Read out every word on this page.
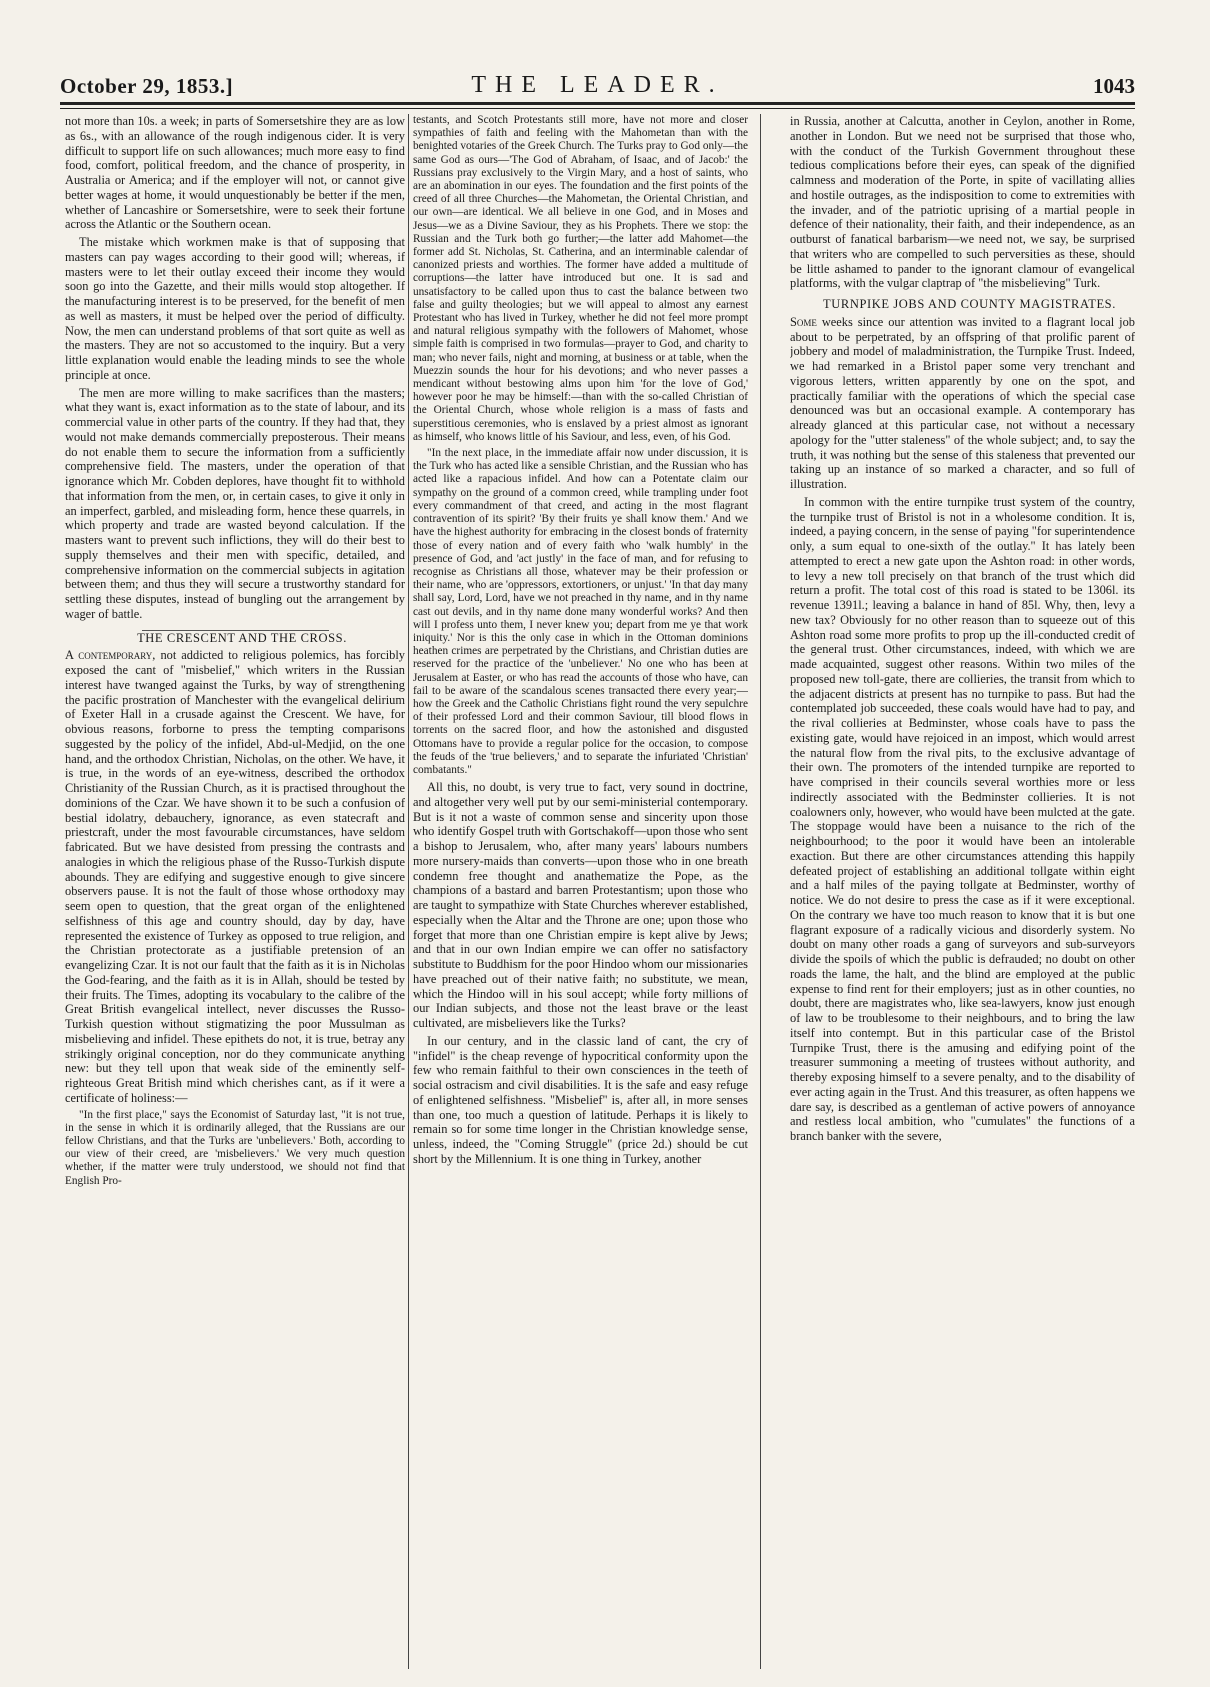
October 29, 1853.]	THE LEADER.	1043

not more than 10s. a week; in parts of Somersetshire they are as low as 6s., with an allowance of the rough indigenous cider. It is very difficult to support life on such allowances; much more easy to find food, comfort, political freedom, and the chance of prosperity, in Australia or America; and if the employer will not, or cannot give better wages at home, it would unquestionably be better if the men, whether of Lancashire or Somersetshire, were to seek their fortune across the Atlantic or the Southern ocean.

The mistake which workmen make is that of supposing that masters can pay wages according to their good will; whereas, if masters were to let their outlay exceed their income they would soon go into the Gazette, and their mills would stop altogether. If the manufacturing interest is to be preserved, for the benefit of men as well as masters, it must be helped over the period of difficulty. Now, the men can understand problems of that sort quite as well as the masters. They are not so accustomed to the inquiry. But a very little explanation would enable the leading minds to see the whole principle at once.

The men are more willing to make sacrifices than the masters; what they want is, exact information as to the state of labour, and its commercial value in other parts of the country. If they had that, they would not make demands commercially preposterous. Their means do not enable them to secure the information from a sufficiently comprehensive field. The masters, under the operation of that ignorance which Mr. Cobden deplores, have thought fit to withhold that information from the men, or, in certain cases, to give it only in an imperfect, garbled, and misleading form, hence these quarrels, in which property and trade are wasted beyond calculation. If the masters want to prevent such inflictions, they will do their best to supply themselves and their men with specific, detailed, and comprehensive information on the commercial subjects in agitation between them; and thus they will secure a trustworthy standard for settling these disputes, instead of bungling out the arrangement by wager of battle.

THE CRESCENT AND THE CROSS.

A contemporary, not addicted to religious polemics, has forcibly exposed the cant of "misbelief," which writers in the Russian interest have twanged against the Turks, by way of strengthening the pacific prostration of Manchester with the evangelical delirium of Exeter Hall in a crusade against the Crescent. We have, for obvious reasons, forborne to press the tempting comparisons suggested by the policy of the infidel, Abd-ul-Medjid, on the one hand, and the orthodox Christian, Nicholas, on the other. We have, it is true, in the words of an eye-witness, described the orthodox Christianity of the Russian Church, as it is practised throughout the dominions of the Czar. We have shown it to be such a confusion of bestial idolatry, debauchery, ignorance, as even statecraft and priestcraft, under the most favourable circumstances, have seldom fabricated. But we have desisted from pressing the contrasts and analogies in which the religious phase of the Russo-Turkish dispute abounds. They are edifying and suggestive enough to give sincere observers pause. It is not the fault of those whose orthodoxy may seem open to question, that the great organ of the enlightened selfishness of this age and country should, day by day, have represented the existence of Turkey as opposed to true religion, and the Christian protectorate as a justifiable pretension of an evangelizing Czar. It is not our fault that the faith as it is in Nicholas the God-fearing, and the faith as it is in Allah, should be tested by their fruits. The Times, adopting its vocabulary to the calibre of the Great British evangelical intellect, never discusses the Russo-Turkish question without stigmatizing the poor Mussulman as misbelieving and infidel. These epithets do not, it is true, betray any strikingly original conception, nor do they communicate anything new: but they tell upon that weak side of the eminently self-righteous Great British mind which cherishes cant, as if it were a certificate of holiness:—

"In the first place," says the Economist of Saturday last, "it is not true, in the sense in which it is ordinarily alleged, that the Russians are our fellow Christians, and that the Turks are 'unbelievers.' Both, according to our view of their creed, are 'misbelievers.' We very much question whether, if the matter were truly understood, we should not find that English Pro-

testants, and Scotch Protestants still more, have not more and closer sympathies of faith and feeling with the Mahometan than with the benighted votaries of the Greek Church. The Turks pray to God only—the same God as ours—'The God of Abraham, of Isaac, and of Jacob:' the Russians pray exclusively to the Virgin Mary, and a host of saints, who are an abomination in our eyes. The foundation and the first points of the creed of all three Churches—the Mahometan, the Oriental Christian, and our own—are identical. We all believe in one God, and in Moses and Jesus—we as a Divine Saviour, they as his Prophets. There we stop: the Russian and the Turk both go further;—the latter add Mahomet—the former add St. Nicholas, St. Catherina, and an interminable calendar of canonized priests and worthies. The former have added a multitude of corruptions—the latter have introduced but one. It is sad and unsatisfactory to be called upon thus to cast the balance between two false and guilty theologies; but we will appeal to almost any earnest Protestant who has lived in Turkey, whether he did not feel more prompt and natural religious sympathy with the followers of Mahomet, whose simple faith is comprised in two formulas—prayer to God, and charity to man; who never fails, night and morning, at business or at table, when the Muezzin sounds the hour for his devotions; and who never passes a mendicant without bestowing alms upon him 'for the love of God,' however poor he may be himself:—than with the so-called Christian of the Oriental Church, whose whole religion is a mass of fasts and superstitious ceremonies, who is enslaved by a priest almost as ignorant as himself, who knows little of his Saviour, and less, even, of his God.

"In the next place, in the immediate affair now under discussion, it is the Turk who has acted like a sensible Christian, and the Russian who has acted like a rapacious infidel. And how can a Potentate claim our sympathy on the ground of a common creed, while trampling under foot every commandment of that creed, and acting in the most flagrant contravention of its spirit? 'By their fruits ye shall know them.' And we have the highest authority for embracing in the closest bonds of fraternity those of every nation and of every faith who 'walk humbly' in the presence of God, and 'act justly' in the face of man, and for refusing to recognise as Christians all those, whatever may be their profession or their name, who are 'oppressors, extortioners, or unjust.' 'In that day many shall say, Lord, Lord, have we not preached in thy name, and in thy name cast out devils, and in thy name done many wonderful works? And then will I profess unto them, I never knew you; depart from me ye that work iniquity.' Nor is this the only case in which in the Ottoman dominions heathen crimes are perpetrated by the Christians, and Christian duties are reserved for the practice of the 'unbeliever.' No one who has been at Jerusalem at Easter, or who has read the accounts of those who have, can fail to be aware of the scandalous scenes transacted there every year;—how the Greek and the Catholic Christians fight round the very sepulchre of their professed Lord and their common Saviour, till blood flows in torrents on the sacred floor, and how the astonished and disgusted Ottomans have to provide a regular police for the occasion, to compose the feuds of the 'true believers,' and to separate the infuriated 'Christian' combatants."

All this, no doubt, is very true to fact, very sound in doctrine, and altogether very well put by our semi-ministerial contemporary. But is it not a waste of common sense and sincerity upon those who identify Gospel truth with Gortschakoff—upon those who sent a bishop to Jerusalem, who, after many years' labours numbers more nursery-maids than converts—upon those who in one breath condemn free thought and anathematize the Pope, as the champions of a bastard and barren Protestantism; upon those who are taught to sympathize with State Churches wherever established, especially when the Altar and the Throne are one; upon those who forget that more than one Christian empire is kept alive by Jews; and that in our own Indian empire we can offer no satisfactory substitute to Buddhism for the poor Hindoo whom our missionaries have preached out of their native faith; no substitute, we mean, which the Hindoo will in his soul accept; while forty millions of our Indian subjects, and those not the least brave or the least cultivated, are misbelievers like the Turks?

In our century, and in the classic land of cant, the cry of "infidel" is the cheap revenge of hypocritical conformity upon the few who remain faithful to their own consciences in the teeth of social ostracism and civil disabilities. It is the safe and easy refuge of enlightened selfishness. "Misbelief" is, after all, in more senses than one, too much a question of latitude. Perhaps it is likely to remain so for some time longer in the Christian knowledge sense, unless, indeed, the "Coming Struggle" (price 2d.) should be cut short by the Millennium. It is one thing in Turkey, another

in Russia, another at Calcutta, another in Ceylon, another in Rome, another in London. But we need not be surprised that those who, with the conduct of the Turkish Government throughout these tedious complications before their eyes, can speak of the dignified calmness and moderation of the Porte, in spite of vacillating allies and hostile outrages, as the indisposition to come to extremities with the invader, and of the patriotic uprising of a martial people in defence of their nationality, their faith, and their independence, as an outburst of fanatical barbarism—we need not, we say, be surprised that writers who are compelled to such perversities as these, should be little ashamed to pander to the ignorant clamour of evangelical platforms, with the vulgar claptrap of "the misbelieving" Turk.

TURNPIKE JOBS AND COUNTY MAGISTRATES.

Some weeks since our attention was invited to a flagrant local job about to be perpetrated, by an offspring of that prolific parent of jobbery and model of maladministration, the Turnpike Trust. Indeed, we had remarked in a Bristol paper some very trenchant and vigorous letters, written apparently by one on the spot, and practically familiar with the operations of which the special case denounced was but an occasional example. A contemporary has already glanced at this particular case, not without a necessary apology for the "utter staleness" of the whole subject; and, to say the truth, it was nothing but the sense of this staleness that prevented our taking up an instance of so marked a character, and so full of illustration.

In common with the entire turnpike trust system of the country, the turnpike trust of Bristol is not in a wholesome condition. It is, indeed, a paying concern, in the sense of paying "for superintendence only, a sum equal to one-sixth of the outlay." It has lately been attempted to erect a new gate upon the Ashton road: in other words, to levy a new toll precisely on that branch of the trust which did return a profit. The total cost of this road is stated to be 1306l. its revenue 1391l.; leaving a balance in hand of 85l. Why, then, levy a new tax? Obviously for no other reason than to squeeze out of this Ashton road some more profits to prop up the ill-conducted credit of the general trust. Other circumstances, indeed, with which we are made acquainted, suggest other reasons. Within two miles of the proposed new toll-gate, there are collieries, the transit from which to the adjacent districts at present has no turnpike to pass. But had the contemplated job succeeded, these coals would have had to pay, and the rival collieries at Bedminster, whose coals have to pass the existing gate, would have rejoiced in an impost, which would arrest the natural flow from the rival pits, to the exclusive advantage of their own. The promoters of the intended turnpike are reported to have comprised in their councils several worthies more or less indirectly associated with the Bedminster collieries. It is not coalowners only, however, who would have been mulcted at the gate. The stoppage would have been a nuisance to the rich of the neighbourhood; to the poor it would have been an intolerable exaction. But there are other circumstances attending this happily defeated project of establishing an additional tollgate within eight and a half miles of the paying tollgate at Bedminster, worthy of notice. We do not desire to press the case as if it were exceptional. On the contrary we have too much reason to know that it is but one flagrant exposure of a radically vicious and disorderly system. No doubt on many other roads a gang of surveyors and sub-surveyors divide the spoils of which the public is defrauded; no doubt on other roads the lame, the halt, and the blind are employed at the public expense to find rent for their employers; just as in other counties, no doubt, there are magistrates who, like sea-lawyers, know just enough of law to be troublesome to their neighbours, and to bring the law itself into contempt. But in this particular case of the Bristol Turnpike Trust, there is the amusing and edifying point of the treasurer summoning a meeting of trustees without authority, and thereby exposing himself to a severe penalty, and to the disability of ever acting again in the Trust. And this treasurer, as often happens we dare say, is described as a gentleman of active powers of annoyance and restless local ambition, who "cumulates" the functions of a branch banker with the severe,
